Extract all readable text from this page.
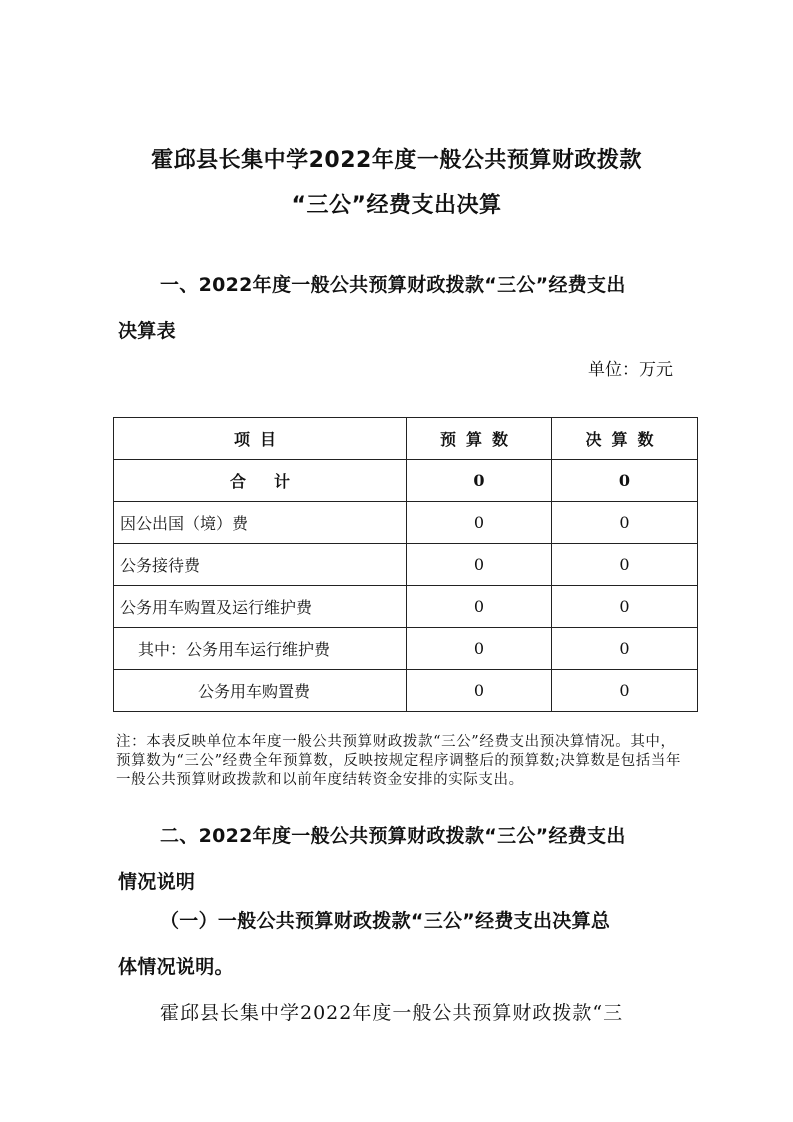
霍邱县长集中学2022年度一般公共预算财政拨款
“三公”经费支出决算
一、2022年度一般公共预算财政拨款“三公”经费支出
决算表
单位：万元
项目	预算数	决算数
合计	0	0
因公出国（境）费	0	0
公务接待费	0	0
公务用车购置及运行维护费	0	0
其中：公务用车运行维护费	0	0
公务用车购置费	0	0
注：本表反映单位本年度一般公共预算财政拨款“三公”经费支出预决算情况。其中，预算数为“三公”经费全年预算数，反映按规定程序调整后的预算数;决算数是包括当年一般公共预算财政拨款和以前年度结转资金安排的实际支出。
二、2022年度一般公共预算财政拨款“三公”经费支出
情况说明
（一）一般公共预算财政拨款“三公”经费支出决算总
体情况说明。
霍邱县长集中学2022年度一般公共预算财政拨款“三
